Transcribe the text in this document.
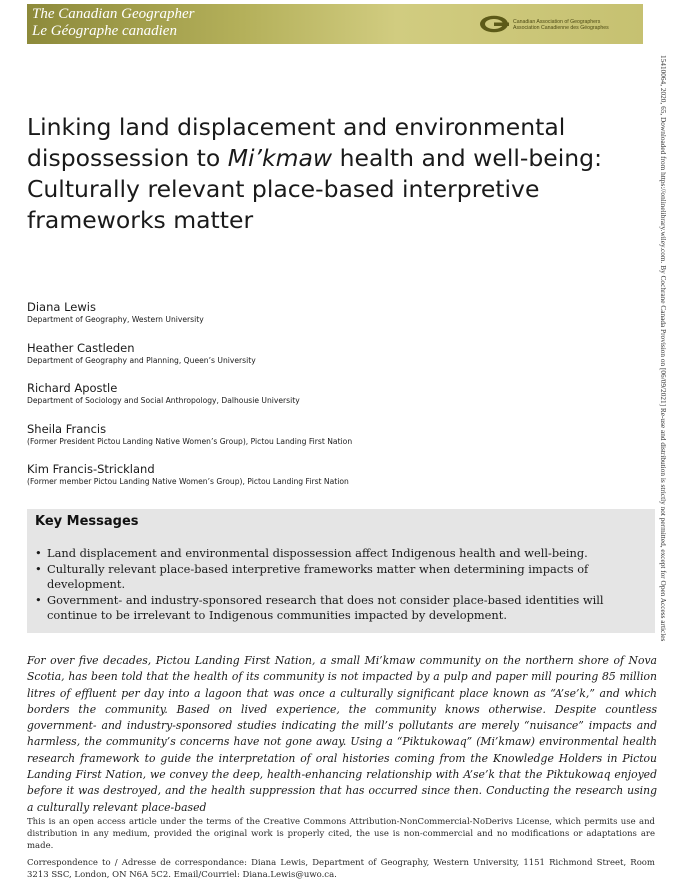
The Canadian Geographer
Le Géographe canadien
Canadian Association of Geographers
Association Canadienne des Géographes
15410064, 2020, 65, Downloaded from https://onlinelibrary.wiley.com. By Cochrane Canada Provision on [06/09/2021] Re-use and distribution is strictly not permitted, except for Open Access articles
Linking land displacement and environmental dispossession to Mi’kmaw health and well-being: Culturally relevant place-based interpretive frameworks matter
Diana Lewis
Department of Geography, Western University
Heather Castleden
Department of Geography and Planning, Queen’s University
Richard Apostle
Department of Sociology and Social Anthropology, Dalhousie University
Sheila Francis
(Former President Pictou Landing Native Women’s Group), Pictou Landing First Nation
Kim Francis-Strickland
(Former member Pictou Landing Native Women’s Group), Pictou Landing First Nation
Key Messages
• Land displacement and environmental dispossession affect Indigenous health and well-being.
• Culturally relevant place-based interpretive frameworks matter when determining impacts of development.
• Government- and industry-sponsored research that does not consider place-based identities will continue to be irrelevant to Indigenous communities impacted by development.

For over five decades, Pictou Landing First Nation, a small Mi’kmaw community on the northern shore of Nova Scotia, has been told that the health of its community is not impacted by a pulp and paper mill pouring 85 million litres of effluent per day into a lagoon that was once a culturally significant place known as “A’se’k,” and which borders the community. Based on lived experience, the community knows otherwise. Despite countless government- and industry-sponsored studies indicating the mill’s pollutants are merely “nuisance” impacts and harmless, the community’s concerns have not gone away. Using a “Piktukowaq” (Mi’kmaw) environmental health research framework to guide the interpretation of oral histories coming from the Knowledge Holders in Pictou Landing First Nation, we convey the deep, health-enhancing relationship with A’se’k that the Piktukowaq enjoyed before it was destroyed, and the health suppression that has occurred since then. Conducting the research using a culturally relevant place-based

This is an open access article under the terms of the Creative Commons Attribution-NonCommercial-NoDerivs License, which permits use and distribution in any medium, provided the original work is properly cited, the use is non-commercial and no modifications or adaptations are made.

Correspondence to / Adresse de correspondance: Diana Lewis, Department of Geography, Western University, 1151 Richmond Street, Room 3213 SSC, London, ON N6A 5C2. Email/Courriel: Diana.Lewis@uwo.ca.
